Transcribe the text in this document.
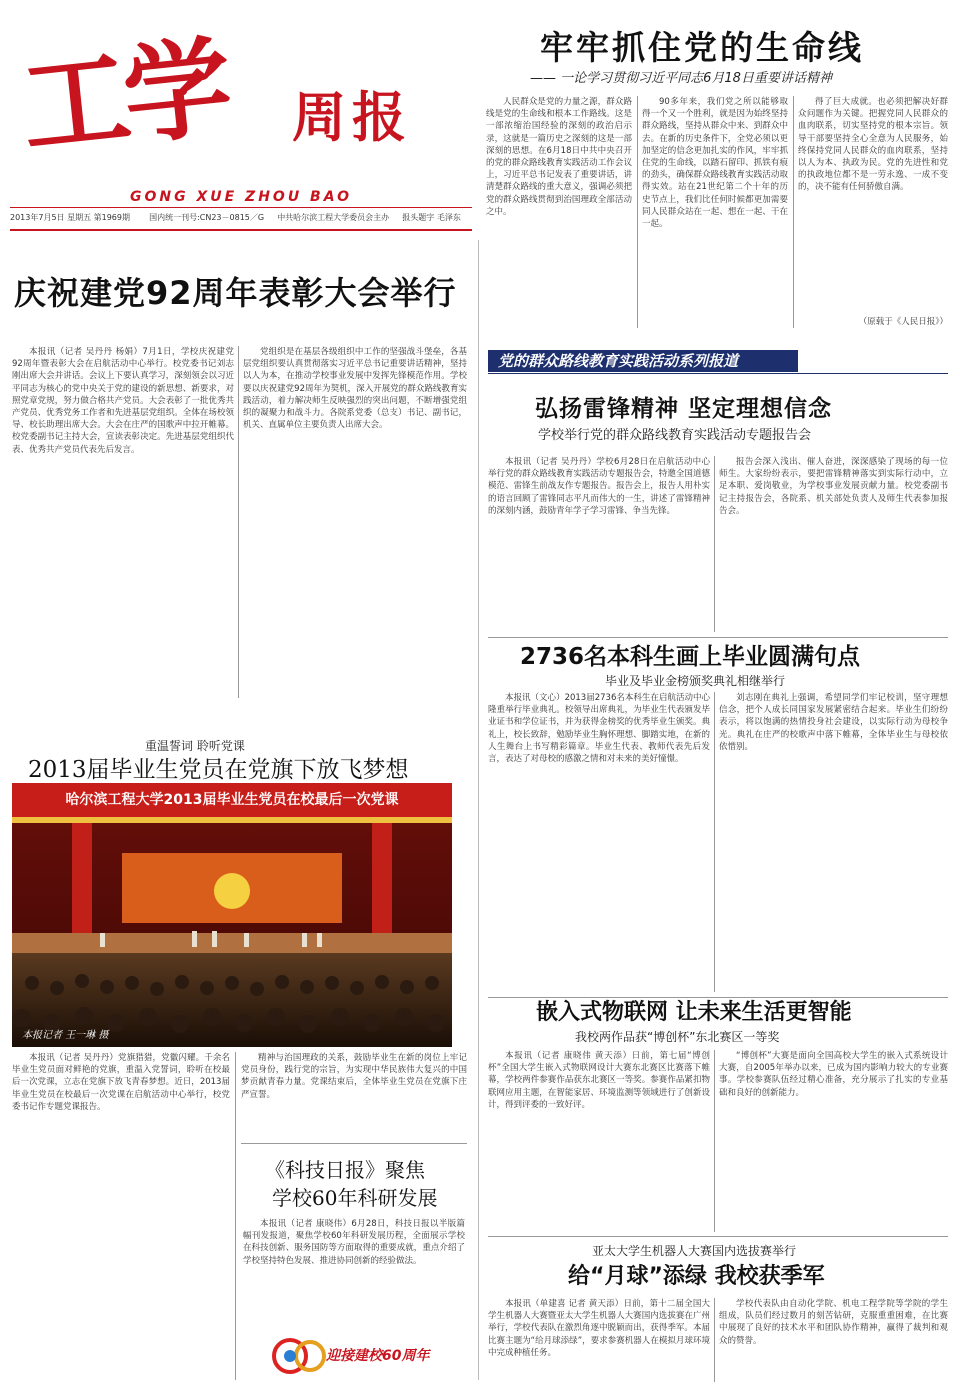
工学 周报
GONG XUE ZHOU BAO
2013年7月5日 星期五 第1969期 国内统一刊号:CN23－0815／G 中共哈尔滨工程大学委员会主办 报头题字 毛泽东
牢牢抓住党的生命线
—— 一论学习贯彻习近平同志6月18日重要讲话精神

人民群众是党的力量之源，群众路线是党的生命线和根本工作路线。这是一部浓缩治国经验的深刻的政治启示录，这就是一篇历史之深刻的这是一部深刻的思想。在6月18日中共中央召开的党的群众路线教育实践活动工作会议上，习近平总书记发表了重要讲话，讲清楚群众路线的重大意义，强调必须把党的群众路线贯彻到治国理政全部活动之中。

90多年来，我们党之所以能够取得一个又一个胜利，就是因为始终坚持群众路线，坚持从群众中来、到群众中去。在新的历史条件下，全党必须以更加坚定的信念更加扎实的作风，牢牢抓住党的生命线，以踏石留印、抓铁有痕的劲头，确保群众路线教育实践活动取得实效。站在21世纪第二个十年的历史节点上，我们比任何时候都更加需要同人民群众站在一起、想在一起、干在一起。

得了巨大成就。也必须把解决好群众问题作为关键。把握党同人民群众的血肉联系，切实坚持党的根本宗旨。领导干部要坚持全心全意为人民服务，始终保持党同人民群众的血肉联系，坚持以人为本、执政为民。党的先进性和党的执政地位都不是一劳永逸、一成不变的，决不能有任何骄傲自满。

（原载于《人民日报》）
庆祝建党92周年表彰大会举行

本报讯（记者 吴丹丹 杨娟）7月1日，学校庆祝建党92周年暨表彰大会在启航活动中心举行。校党委书记刘志刚出席大会并讲话。会议上下要认真学习，深刻领会以习近平同志为核心的党中央关于党的建设的新思想、新要求，对照党章党规，努力做合格共产党员。大会表彰了一批优秀共产党员、优秀党务工作者和先进基层党组织。全体在场校领导、校长助理出席大会。大会在庄严的国歌声中拉开帷幕。校党委副书记主持大会，宣读表彰决定。先进基层党组织代表、优秀共产党员代表先后发言。

党组织是在基层各级组织中工作的坚强战斗堡垒，各基层党组织要认真贯彻落实习近平总书记重要讲话精神，坚持以人为本，在推动学校事业发展中发挥先锋模范作用。学校要以庆祝建党92周年为契机，深入开展党的群众路线教育实践活动，着力解决师生反映强烈的突出问题，不断增强党组织的凝聚力和战斗力。各院系党委（总支）书记、副书记，机关、直属单位主要负责人出席大会。

党的群众路线教育实践活动系列报道
弘扬雷锋精神 坚定理想信念
学校举行党的群众路线教育实践活动专题报告会

本报讯（记者 吴丹丹）学校6月28日在启航活动中心举行党的群众路线教育实践活动专题报告会，特邀全国道德模范、雷锋生前战友作专题报告。报告会上，报告人用朴实的语言回顾了雷锋同志平凡而伟大的一生，讲述了雷锋精神的深刻内涵，鼓励青年学子学习雷锋、争当先锋。

报告会深入浅出、催人奋进，深深感染了现场的每一位师生。大家纷纷表示，要把雷锋精神落实到实际行动中，立足本职、爱岗敬业，为学校事业发展贡献力量。校党委副书记主持报告会，各院系、机关部处负责人及师生代表参加报告会。

2736名本科生画上毕业圆满句点
毕业及毕业金榜颁奖典礼相继举行

本报讯（文心）2013届2736名本科生在启航活动中心隆重举行毕业典礼。校领导出席典礼，为毕业生代表颁发毕业证书和学位证书，并为获得金榜奖的优秀毕业生颁奖。典礼上，校长致辞，勉励毕业生胸怀理想、脚踏实地，在新的人生舞台上书写精彩篇章。毕业生代表、教师代表先后发言，表达了对母校的感激之情和对未来的美好憧憬。

刘志刚在典礼上强调，希望同学们牢记校训，坚守理想信念，把个人成长同国家发展紧密结合起来。毕业生们纷纷表示，将以饱满的热情投身社会建设，以实际行动为母校争光。典礼在庄严的校歌声中落下帷幕，全体毕业生与母校依依惜别。

重温誓词 聆听党课
2013届毕业生党员在党旗下放飞梦想
哈尔滨工程大学2013届毕业生党员在校最后一次党课
本报记者 王一琳 摄

本报讯（记者 吴丹丹）党旗猎猎，党徽闪耀。千余名毕业生党员面对鲜艳的党旗，重温入党誓词，聆听在校最后一次党课，立志在党旗下放飞青春梦想。近日，2013届毕业生党员在校最后一次党课在启航活动中心举行，校党委书记作专题党课报告。

精神与治国理政的关系，鼓励毕业生在新的岗位上牢记党员身份，践行党的宗旨，为实现中华民族伟大复兴的中国梦贡献青春力量。党课结束后，全体毕业生党员在党旗下庄严宣誓。

《科技日报》聚焦
学校60年科研发展

本报讯（记者 康晓伟）6月28日，科技日报以半版篇幅刊发报道，聚焦学校60年科研发展历程，全面展示学校在科技创新、服务国防等方面取得的重要成就，重点介绍了学校坚持特色发展、推进协同创新的经验做法。

迎接建校60周年
嵌入式物联网 让未来生活更智能
我校两作品获“博创杯”东北赛区一等奖

本报讯（记者 康晓伟 黄天添）日前，第七届“博创杯”全国大学生嵌入式物联网设计大赛东北赛区比赛落下帷幕，学校两件参赛作品获东北赛区一等奖。参赛作品紧扣物联网应用主题，在智能家居、环境监测等领域进行了创新设计，得到评委的一致好评。

“博创杯”大赛是面向全国高校大学生的嵌入式系统设计大赛，自2005年举办以来，已成为国内影响力较大的专业赛事。学校参赛队伍经过精心准备，充分展示了扎实的专业基础和良好的创新能力。

亚太大学生机器人大赛国内选拔赛举行
给“月球”添绿 我校获季军

本报讯（单建喜 记者 黄天添）日前，第十二届全国大学生机器人大赛暨亚太大学生机器人大赛国内选拔赛在广州举行，学校代表队在激烈角逐中脱颖而出，获得季军。本届比赛主题为“给月球添绿”，要求参赛机器人在模拟月球环境中完成种植任务。

学校代表队由自动化学院、机电工程学院等学院的学生组成，队员们经过数月的刻苦钻研，克服重重困难，在比赛中展现了良好的技术水平和团队协作精神，赢得了裁判和观众的赞誉。
